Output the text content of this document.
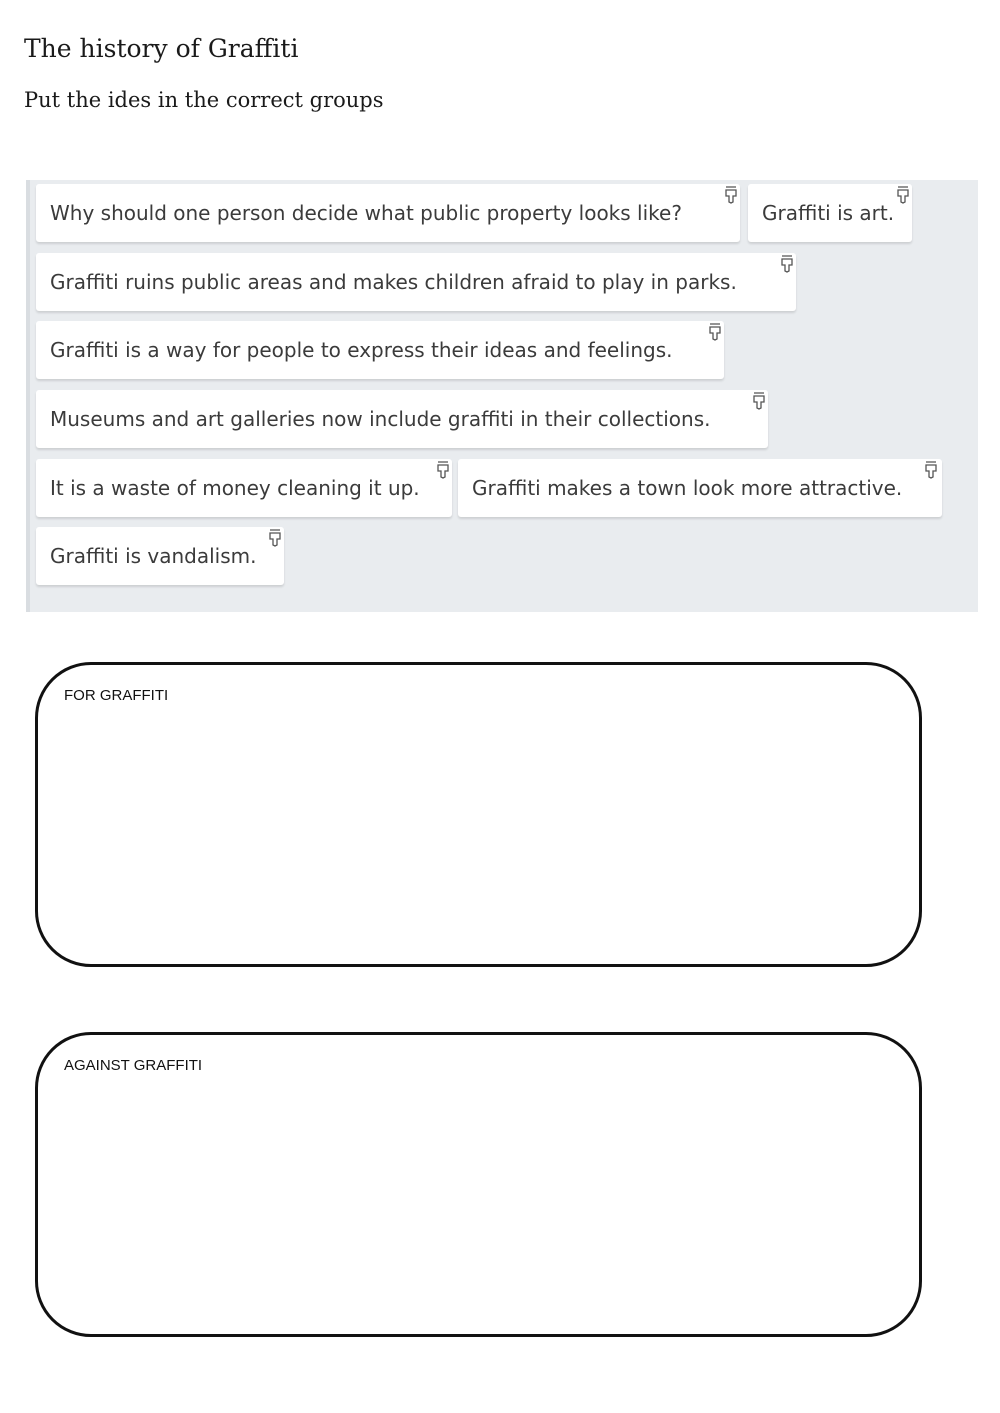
The history of Graffiti
Put the ides in the correct groups
Why should one person decide what public property looks like?	Graffiti is art.
Graffiti ruins public areas and makes children afraid to play in parks.
Graffiti is a way for people to express their ideas and feelings.
Museums and art galleries now include graffiti in their collections.
It is a waste of money cleaning it up.	Graffiti makes a town look more attractive.
Graffiti is vandalism.
FOR GRAFFITI
AGAINST GRAFFITI
